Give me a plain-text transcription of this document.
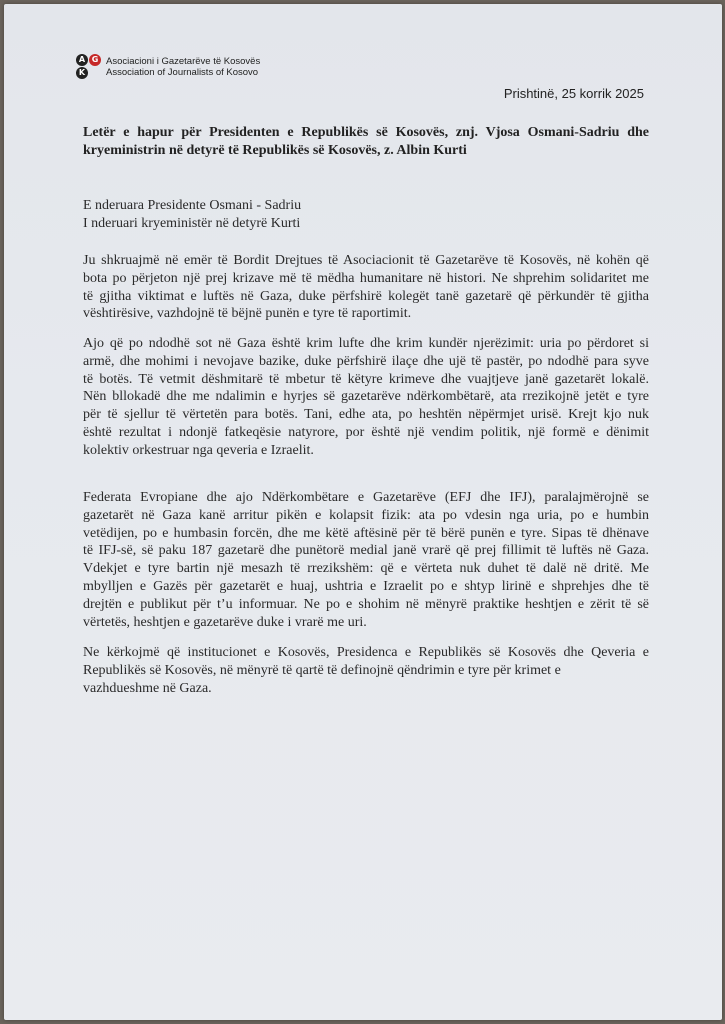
A G
K
Asociacioni i Gazetarëve të Kosovës
Association of Journalists of Kosovo
Prishtinë, 25 korrik 2025
Letër e hapur për Presidenten e Republikës së Kosovës, znj. Vjosa Osmani-Sadriu dhe
kryeministrin në detyrë të Republikës së Kosovës, z. Albin Kurti
E nderuara Presidente Osmani - Sadriu
I nderuari kryeministër në detyrë Kurti
Ju shkruajmë në emër të Bordit Drejtues të Asociacionit të Gazetarëve të Kosovës, në kohën që
bota po përjeton një prej krizave më të mëdha humanitare në histori. Ne shprehim solidaritet me
të gjitha viktimat e luftës në Gaza, duke përfshirë kolegët tanë gazetarë që përkundër të gjitha
vështirësive, vazhdojnë të bëjnë punën e tyre të raportimit.
Ajo që po ndodhë sot në Gaza është krim lufte dhe krim kundër njerëzimit: uria po përdoret si
armë, dhe mohimi i nevojave bazike, duke përfshirë ilaçe dhe ujë të pastër, po ndodhë para syve
të botës. Të vetmit dëshmitarë të mbetur të këtyre krimeve dhe vuajtjeve janë gazetarët lokalë.
Nën bllokadë dhe me ndalimin e hyrjes së gazetarëve ndërkombëtarë, ata rrezikojnë jetët e tyre
për të sjellur të vërtetën para botës. Tani, edhe ata, po heshtën nëpërmjet urisë. Krejt kjo nuk
është rezultat i ndonjë fatkeqësie natyrore, por është një vendim politik, një formë e dënimit
kolektiv orkestruar nga qeveria e Izraelit.
Federata Evropiane dhe ajo Ndërkombëtare e Gazetarëve (EFJ dhe IFJ), paralajmërojnë se
gazetarët në Gaza kanë arritur pikën e kolapsit fizik: ata po vdesin nga uria, po e humbin
vetëdijen, po e humbasin forcën, dhe me këtë aftësinë për të bërë punën e tyre. Sipas të dhënave
të IFJ-së, së paku 187 gazetarë dhe punëtorë medial janë vrarë që prej fillimit të luftës në Gaza.
Vdekjet e tyre bartin një mesazh të rrezikshëm: që e vërteta nuk duhet të dalë në dritë. Me
mbylljen e Gazës për gazetarët e huaj, ushtria e Izraelit po e shtyp lirinë e shprehjes dhe të
drejtën e publikut për t’u informuar. Ne po e shohim në mënyrë praktike heshtjen e zërit të së
vërtetës, heshtjen e gazetarëve duke i vrarë me uri.
Ne kërkojmë që institucionet e Kosovës, Presidenca e Republikës së Kosovës dhe Qeveria e
Republikës së Kosovës, në mënyrë të qartë të definojnë qëndrimin e tyre për krimet e
vazhdueshme në Gaza.
